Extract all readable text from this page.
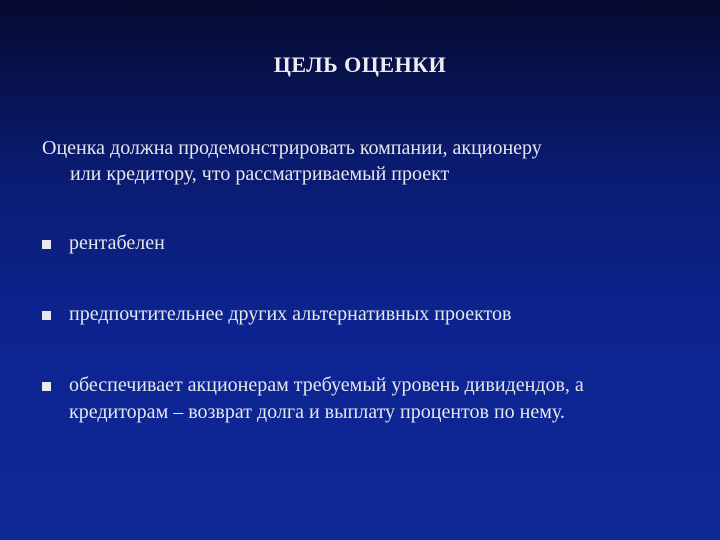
ЦЕЛЬ ОЦЕНКИ
Оценка должна продемонстрировать компании, акционеру
или кредитору, что рассматриваемый проект
рентабелен
предпочтительнее других альтернативных проектов
обеспечивает акционерам требуемый уровень дивидендов, а кредиторам – возврат долга и выплату процентов по нему.
